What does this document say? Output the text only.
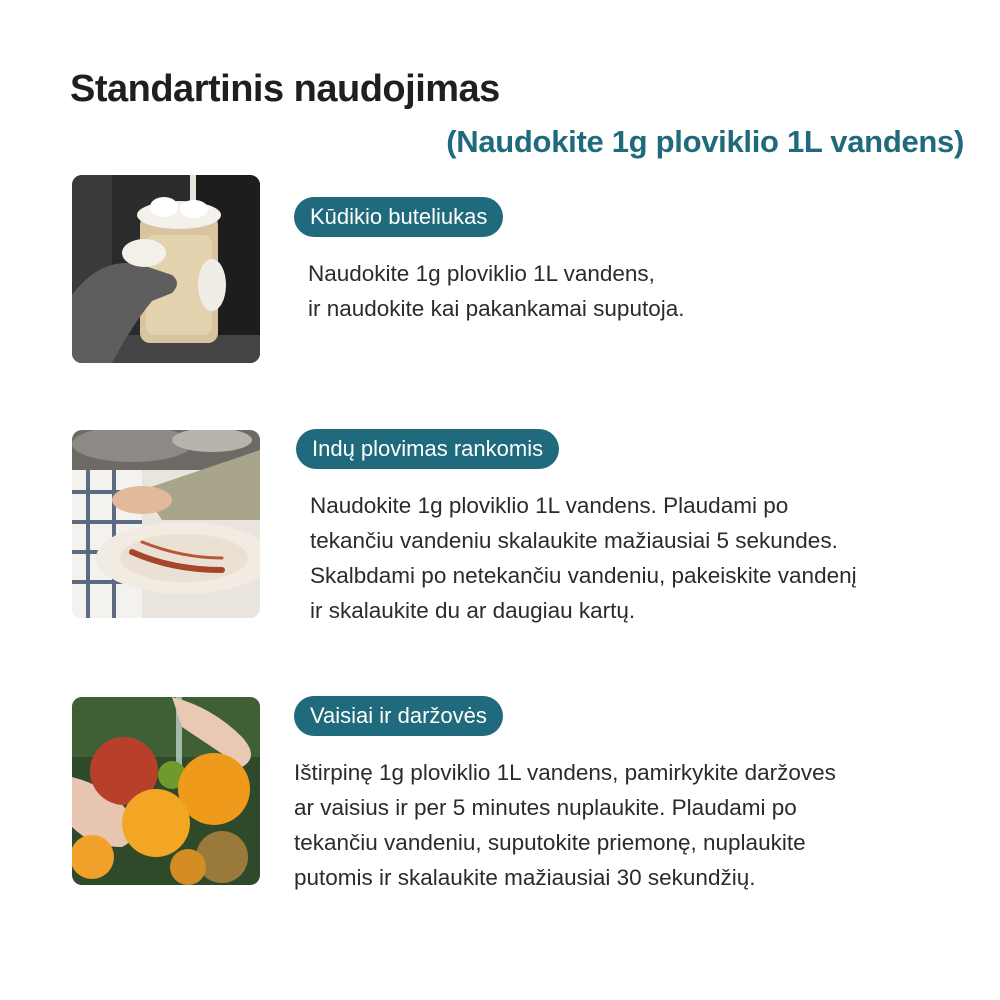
Standartinis naudojimas
(Naudokite 1g ploviklio 1L vandens)
Kūdikio buteliukas
Naudokite 1g ploviklio 1L vandens,
ir naudokite kai pakankamai suputoja.
Indų plovimas rankomis
Naudokite 1g ploviklio 1L vandens. Plaudami po
tekančiu vandeniu skalaukite mažiausiai 5 sekundes.
Skalbdami po netekančiu vandeniu, pakeiskite vandenį
ir skalaukite du ar daugiau kartų.
Vaisiai ir daržovės
Ištirpinę 1g ploviklio 1L vandens, pamirkykite daržoves
ar vaisius ir per 5 minutes nuplaukite. Plaudami po
tekančiu vandeniu, suputokite priemonę, nuplaukite
putomis ir skalaukite mažiausiai 30 sekundžių.
